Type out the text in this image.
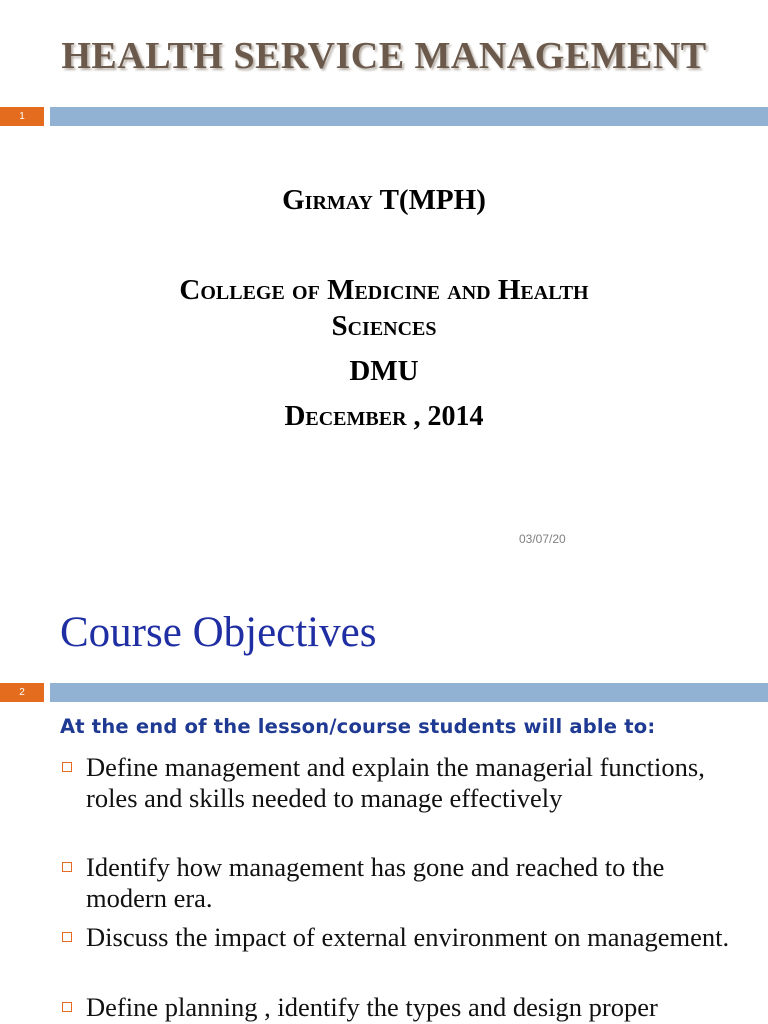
HEALTH SERVICE MANAGEMENT
1
Girmay T(MPH)
College of Medicine and Health
Sciences
DMU
December , 2014
03/07/20
Course Objectives
2
At the end of the lesson/course students will able to:
Define management and explain the managerial functions, roles and skills needed to manage effectively
Identify how management has gone and reached to the modern era.
Discuss the impact of external environment on management.
Define planning , identify the types and design proper
